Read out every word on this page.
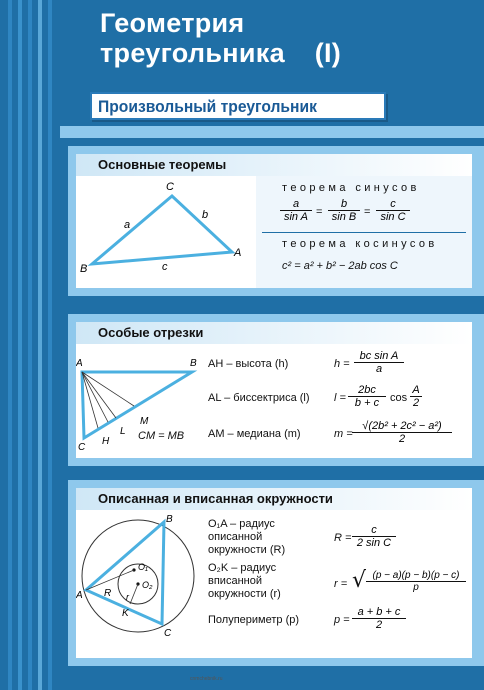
Геометрия
треугольника (I)
Произвольный треугольник
Основные теоремы
C
B
A
a
b
c
теорема синусов
$\frac{a}{\text{sin A}} = \frac{b}{\text{sin B}} = \frac{c}{\text{sin C}}$
теорема косинусов
c² = a² + b² − 2ab cos C
Особые отрезки
A	B
C
H
L
M
CM = MB
AH – высота (h)	$h = \frac{\text{bc sin A}}{a}$
AL – биссектриса (l) $l = \frac{2bc}{b + c}$ $\cos \frac{A}{2}$
AM – медиана (m)	$m = \frac{\text{√(2b² + 2c² − a²)}}{2}$
Описанная и вписанная окружности
A
B
C
O₁
O₂
R r
K
O₁A – радиус
описанной
окружности (R)
$R = \frac{c}{\text{2 sin C}}$
O₂K – радиус
вписанной
окружности (r)
r = √ $\frac{(p - a)(p - b)(p - c)}{p}$
Полупериметр (p)	$p = \frac{a + b + c}{2}$
cnmchebnik.ru
